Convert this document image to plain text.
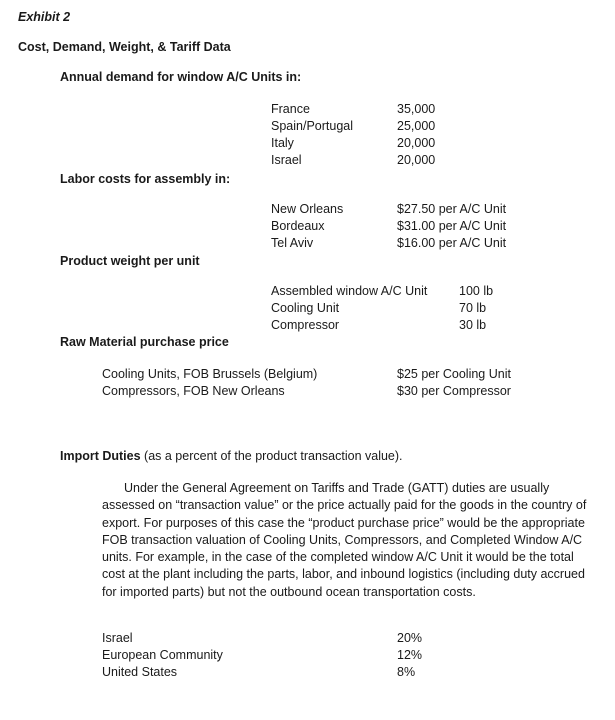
Exhibit 2
Cost, Demand, Weight, & Tariff Data
Annual demand for window A/C Units in:
France	35,000
Spain/Portugal	25,000
Italy	20,000
Israel	20,000
Labor costs for assembly in:
New Orleans	$27.50 per A/C Unit
Bordeaux	$31.00 per A/C Unit
Tel Aviv	$16.00 per A/C Unit
Product weight per unit
Assembled window A/C Unit	100 lb
Cooling Unit	70 lb
Compressor	30 lb
Raw Material purchase price
Cooling Units, FOB Brussels (Belgium)	$25 per Cooling Unit
Compressors, FOB New Orleans	$30 per Compressor
Import Duties (as a percent of the product transaction value).
Under the General Agreement on Tariffs and Trade (GATT) duties are usually assessed on “transaction value” or the price actually paid for the goods in the country of export. For purposes of this case the “product purchase price” would be the appropriate FOB transaction valuation of Cooling Units, Compressors, and Completed Window A/C units. For example, in the case of the completed window A/C Unit it would be the total cost at the plant including the parts, labor, and inbound logistics (including duty accrued for imported parts) but not the outbound ocean transportation costs.
Israel	20%
European Community	12%
United States	8%
